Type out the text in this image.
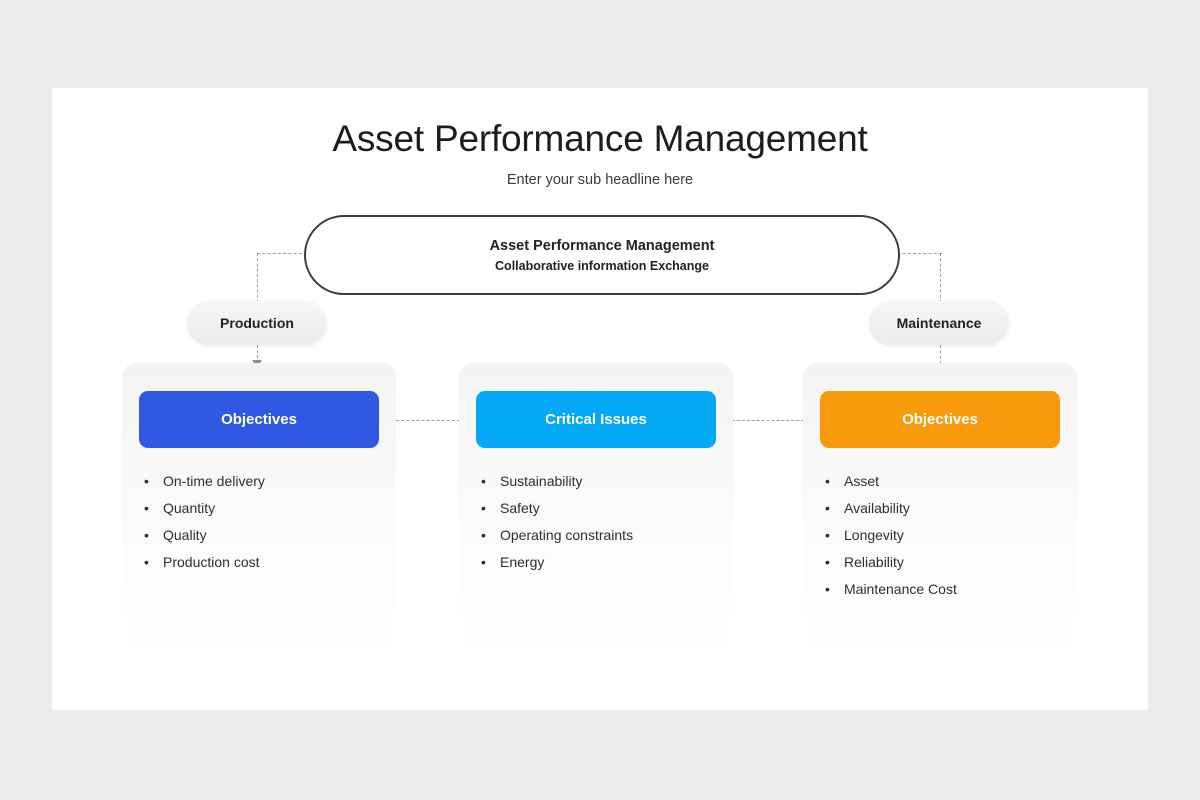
Asset Performance Management
Enter your sub headline here
Asset Performance Management
Collaborative information Exchange
Production	Maintenance
Objectives
• On-time delivery
• Quantity
• Quality
• Production cost
Critical Issues
• Sustainability
• Safety
• Operating constraints
• Energy
Objectives
• Asset
• Availability
• Longevity
• Reliability
• Maintenance Cost
